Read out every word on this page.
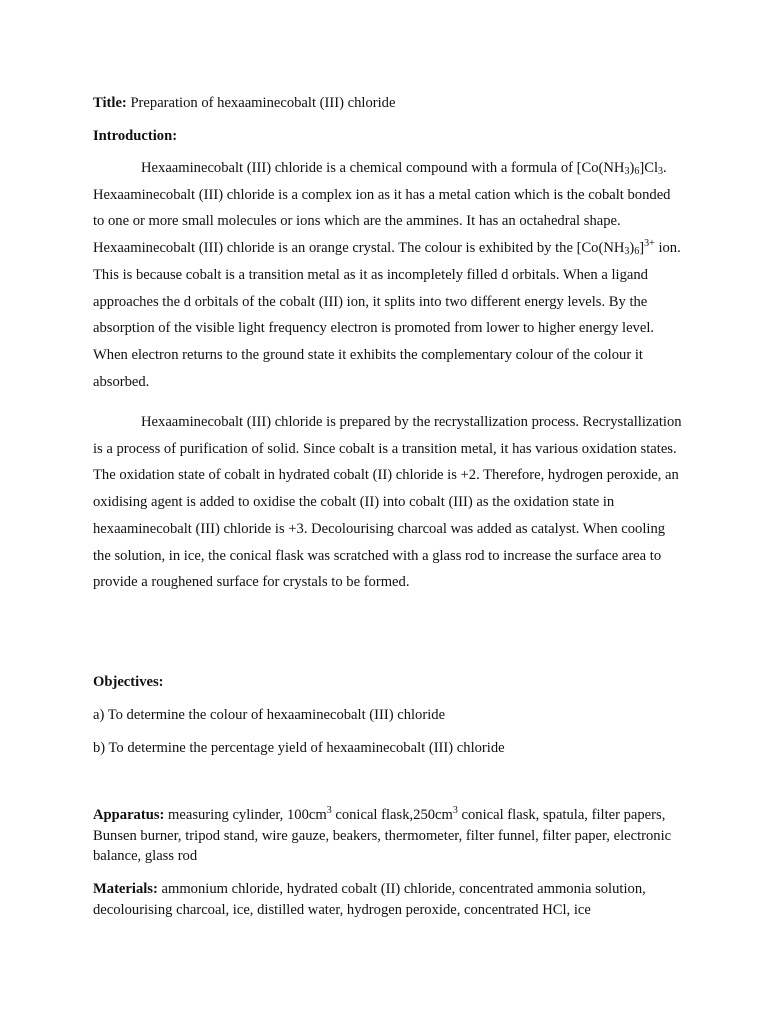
Title: Preparation of hexaaminecobalt (III) chloride

Introduction:

Hexaaminecobalt (III) chloride is a chemical compound with a formula of $[Co(NH_3)_6]Cl_3$. Hexaaminecobalt (III) chloride is a complex ion as it has a metal cation which is the cobalt bonded to one or more small molecules or ions which are the ammines. It has an octahedral shape. Hexaaminecobalt (III) chloride is an orange crystal. The colour is exhibited by the $[Co(NH_3)_6]^{3+}$ ion. This is because cobalt is a transition metal as it as incompletely filled d orbitals. When a ligand approaches the d orbitals of the cobalt (III) ion, it splits into two different energy levels. By the absorption of the visible light frequency electron is promoted from lower to higher energy level. When electron returns to the ground state it exhibits the complementary colour of the colour it absorbed.

Hexaaminecobalt (III) chloride is prepared by the recrystallization process. Recrystallization is a process of purification of solid. Since cobalt is a transition metal, it has various oxidation states. The oxidation state of cobalt in hydrated cobalt (II) chloride is +2. Therefore, hydrogen peroxide, an oxidising agent is added to oxidise the cobalt (II) into cobalt (III) as the oxidation state in hexaaminecobalt (III) chloride is +3. Decolourising charcoal was added as catalyst. When cooling the solution, in ice, the conical flask was scratched with a glass rod to increase the surface area to provide a roughened surface for crystals to be formed.

Objectives:

a) To determine the colour of hexaaminecobalt (III) chloride

b) To determine the percentage yield of hexaaminecobalt (III) chloride

Apparatus: measuring cylinder, $100cm^3$ conical $flask,250cm^3$ conical flask, spatula, filter papers, Bunsen burner, tripod stand, wire gauze, beakers, thermometer, filter funnel, filter paper, electronic balance, glass rod

Materials: ammonium chloride, hydrated cobalt (II) chloride, concentrated ammonia solution, decolourising charcoal, ice, distilled water, hydrogen peroxide, concentrated HCl, ice
